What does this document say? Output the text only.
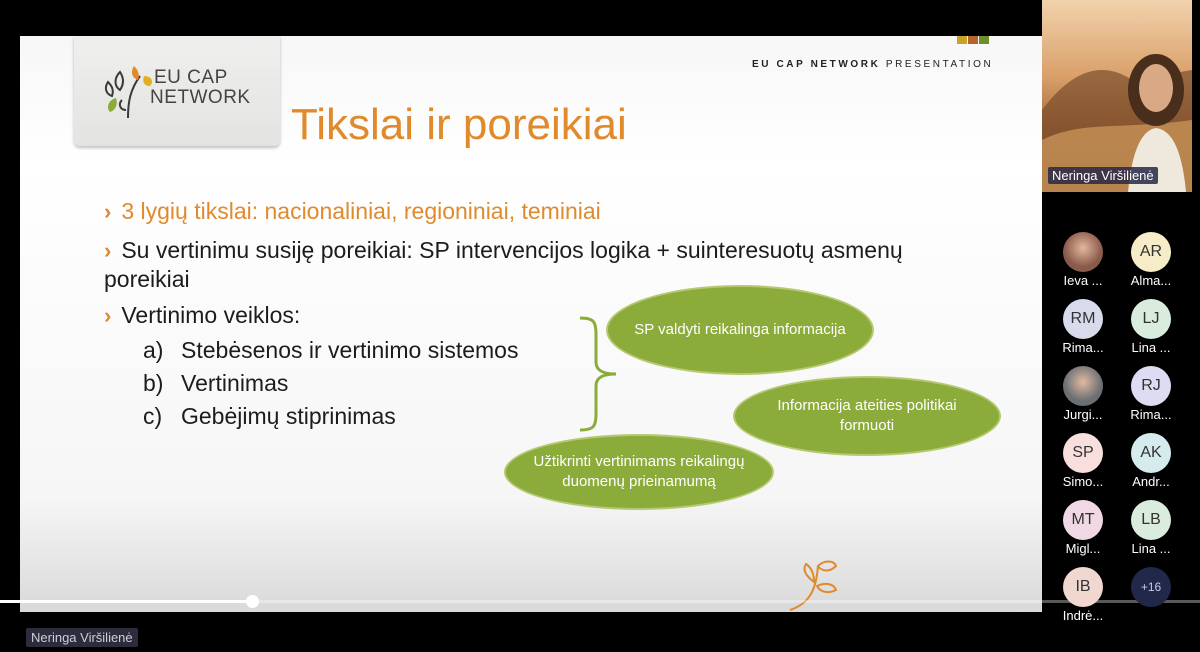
EU CAP
NETWORK
EU CAP NETWORK PRESENTATION
Tikslai ir poreikiai
› 3 lygių tikslai: nacionaliniai, regioniniai, teminiai
› Su vertinimu susiję poreikiai: SP intervencijos logika + suinteresuotų asmenų poreikiai
› Vertinimo veiklos:
a) Stebėsenos ir vertinimo sistemos
b) Vertinimas
c) Gebėjimų stiprinimas
SP valdyti reikalinga informacija
Informacija ateities politikai formuoti
Užtikrinti vertinimams reikalingų duomenų prieinamumą
Neringa Viršilienė
Neringa Viršilienė
Ieva ...
AR
Alma...
RM
Rima...
LJ
Lina ...
Jurgi...
RJ
Rima...
SP
Simo...
AK
Andr...
MT
Migl...
LB
Lina ...
IB
Indrė...
+16
